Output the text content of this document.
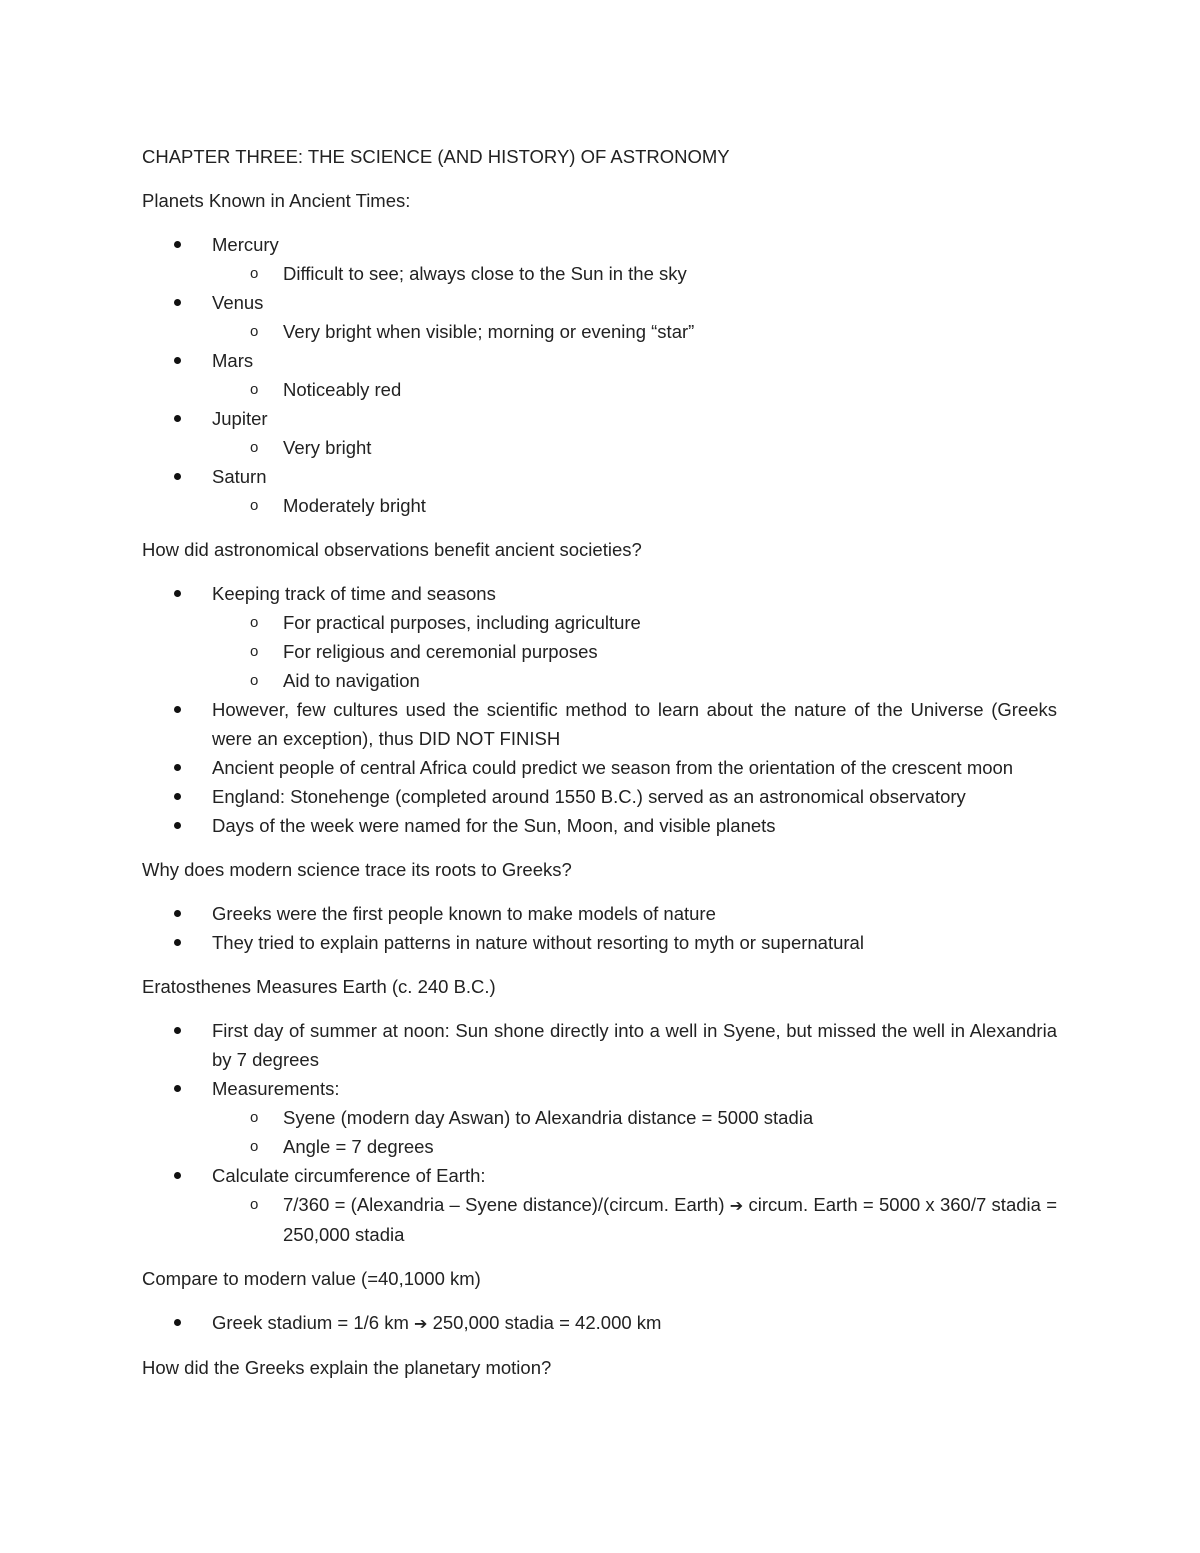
CHAPTER THREE: THE SCIENCE (AND HISTORY) OF ASTRONOMY

Planets Known in Ancient Times:

Mercury
o Difficult to see; always close to the Sun in the sky
Venus
o Very bright when visible; morning or evening “star”
Mars
o Noticeably red
Jupiter
o Very bright
Saturn
o Moderately bright

How did astronomical observations benefit ancient societies?

Keeping track of time and seasons
o For practical purposes, including agriculture
o For religious and ceremonial purposes
o Aid to navigation
However, few cultures used the scientific method to learn about the nature of the Universe (Greeks were an exception), thus DID NOT FINISH
Ancient people of central Africa could predict we season from the orientation of the crescent moon
England: Stonehenge (completed around 1550 B.C.) served as an astronomical observatory
Days of the week were named for the Sun, Moon, and visible planets

Why does modern science trace its roots to Greeks?

Greeks were the first people known to make models of nature
They tried to explain patterns in nature without resorting to myth or supernatural

Eratosthenes Measures Earth (c. 240 B.C.)

First day of summer at noon: Sun shone directly into a well in Syene, but missed the well in Alexandria by 7 degrees
Measurements:
o Syene (modern day Aswan) to Alexandria distance = 5000 stadia
o Angle = 7 degrees
Calculate circumference of Earth:
o 7/360 = (Alexandria – Syene distance)/(circum. Earth) ➔ circum. Earth = 5000 x 360/7 stadia = 250,000 stadia

Compare to modern value (=40,1000 km)

Greek stadium = 1/6 km ➔ 250,000 stadia = 42.000 km

How did the Greeks explain the planetary motion?
